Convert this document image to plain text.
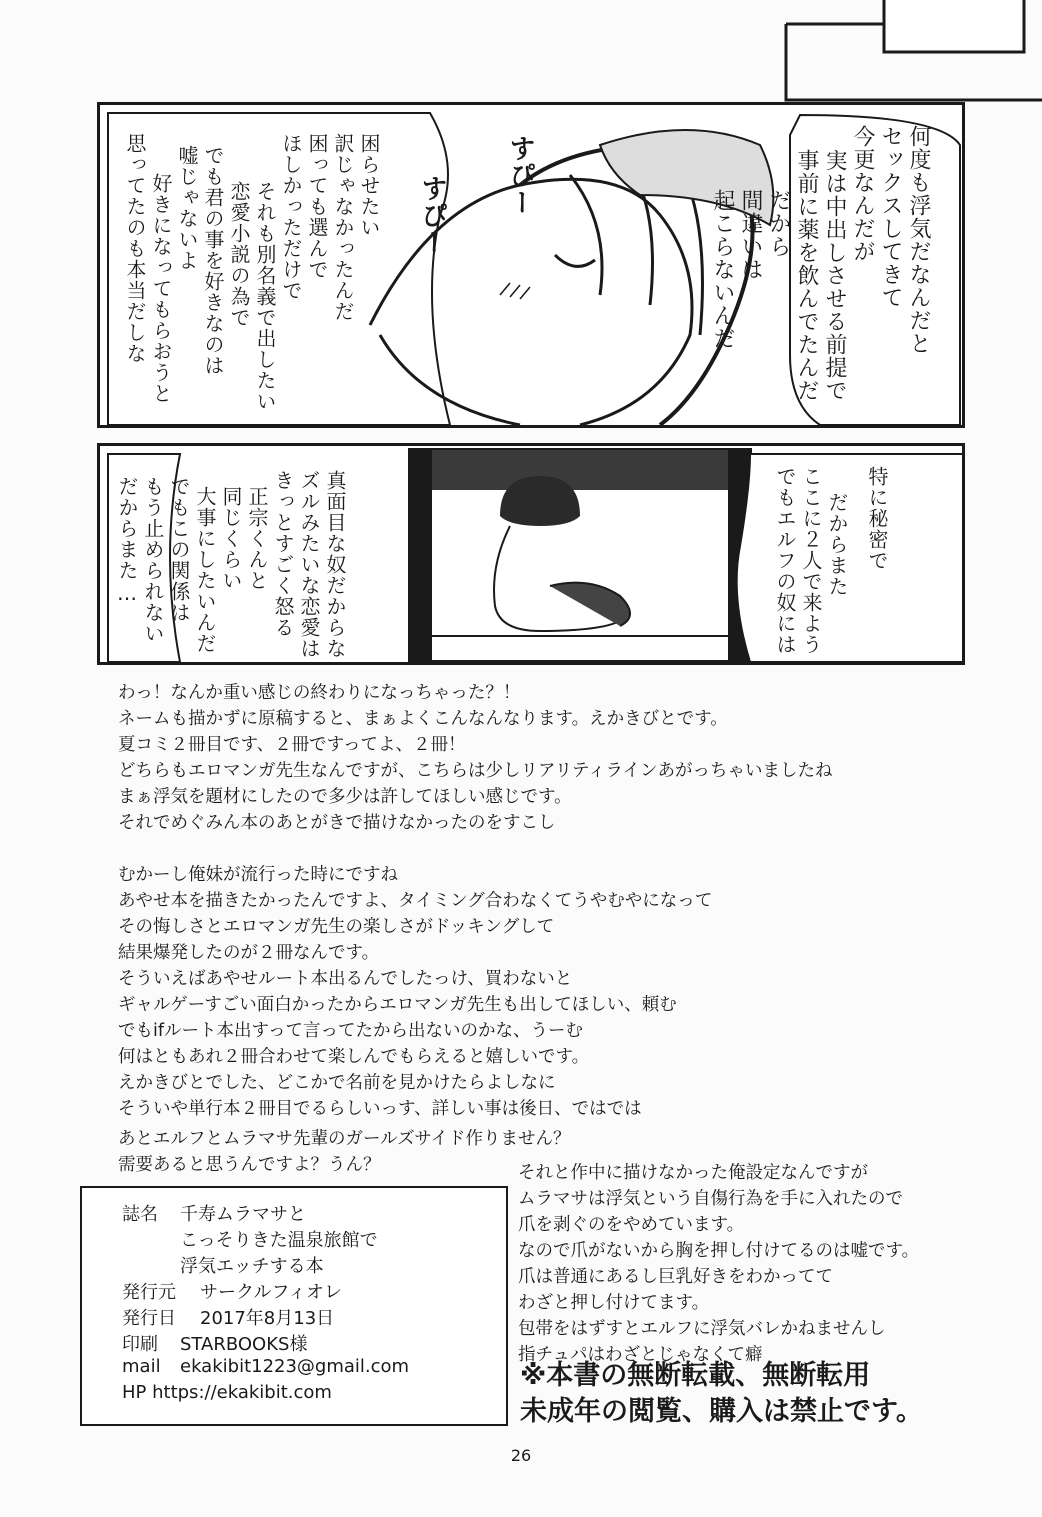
何度も浮気だなんだと
セックスしてきて
今更なんだが
実は中出しさせる前提で
事前に薬を飲んでたんだ
だから
間違いは
起こらないんだ
すぴー
すぴー
困らせたい
訳じゃなかったんだ
困っても選んで
ほしかっただけで
それも別名義で出したい
恋愛小説の為で
でも君の事を好きなのは
嘘じゃないよ
好きになってもらおうと
思ってたのも本当だしな
だからまた
ここに２人で来よう
でもエルフの奴には	特に秘密で
真面目な奴だからな
ズルみたいな恋愛は
きっとすごく怒る
正宗くんと
同じくらい
大事にしたいんだ
でもこの関係は
もう止められない
だからまた…
わっ！なんか重い感じの終わりになっちゃった？！
ネームも描かずに原稿すると、まぁよくこんなんなります。えかきびとです。
夏コミ２冊目です、２冊ですってよ、２冊！
どちらもエロマンガ先生なんですが、こちらは少しリアリティラインあがっちゃいましたね
まぁ浮気を題材にしたので多少は許してほしい感じです。
それでめぐみん本のあとがきで描けなかったのをすこし
むかーし俺妹が流行った時にですね
あやせ本を描きたかったんですよ、タイミング合わなくてうやむやになって
その悔しさとエロマンガ先生の楽しさがドッキングして
結果爆発したのが２冊なんです。
そういえばあやせルート本出るんでしたっけ、買わないと
ギャルゲーすごい面白かったからエロマンガ先生も出してほしい、頼む
でもifルート本出すって言ってたから出ないのかな、うーむ
何はともあれ２冊合わせて楽しんでもらえると嬉しいです。
えかきびとでした、どこかで名前を見かけたらよしなに
そういや単行本２冊目でるらしいっす、詳しい事は後日、ではでは
あとエルフとムラマサ先輩のガールズサイド作りません？
需要あると思うんですよ？うん？	それと作中に描けなかった俺設定なんですが
ムラマサは浮気という自傷行為を手に入れたので
爪を剥ぐのをやめています。
なので爪がないから胸を押し付けてるのは嘘です。
爪は普通にあるし巨乳好きをわかってて
わざと押し付けてます。
包帯をはずすとエルフに浮気バレかねませんし
指チュパはわざとじゃなくて癖
誌名 千寿ムラマサと
こっそりきた温泉旅館で
浮気エッチする本
発行元 サークルフィオレ
発行日 2017年8月13日
印刷 STARBOOKS様
mail ekakibit1223@gmail.com
HP https://ekakibit.com
※本書の無断転載、無断転用
未成年の閲覧、購入は禁止です。
26
